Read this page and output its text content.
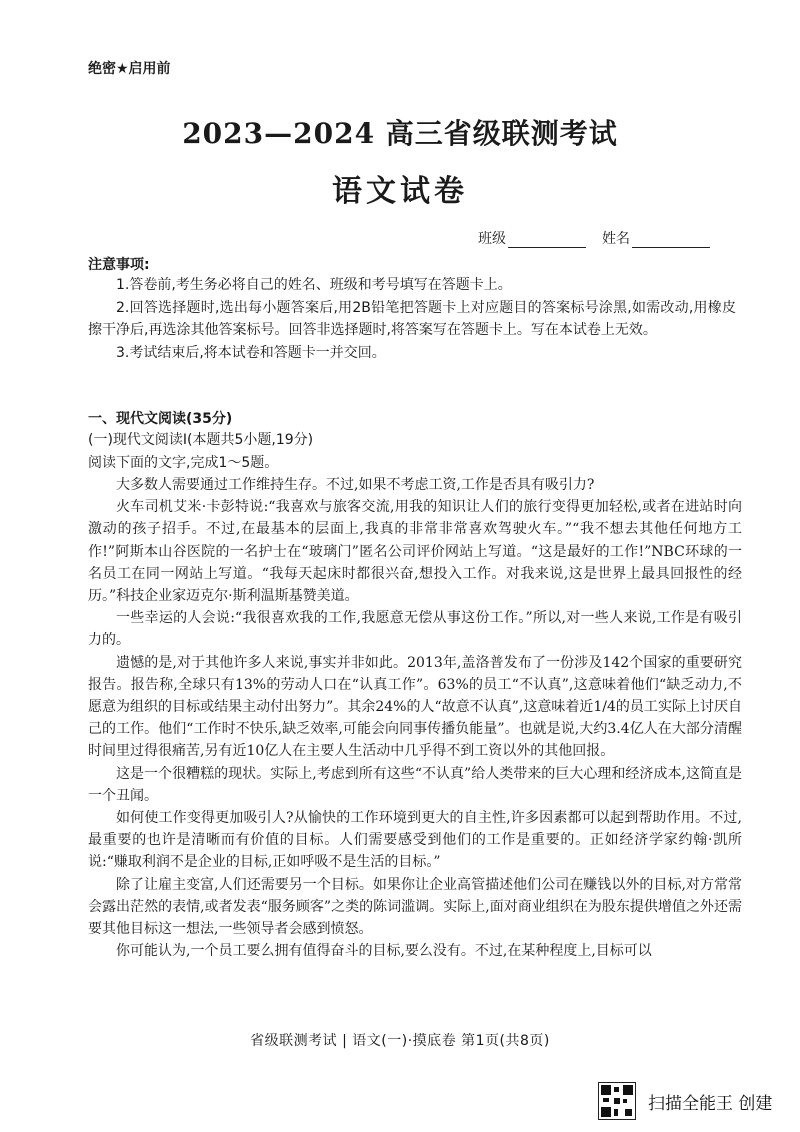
绝密★启用前
2023—2024 高三省级联测考试
语文试卷
班级	姓名
注意事项:

1.答卷前,考生务必将自己的姓名、班级和考号填写在答题卡上。

2.回答选择题时,选出每小题答案后,用2B铅笔把答题卡上对应题目的答案标号涂黑,如需改动,用橡皮擦干净后,再选涂其他答案标号。回答非选择题时,将答案写在答题卡上。写在本试卷上无效。

3.考试结束后,将本试卷和答题卡一并交回。

一、现代文阅读(35分)
(一)现代文阅读Ⅰ(本题共5小题,19分)
阅读下面的文字,完成1～5题。

大多数人需要通过工作维持生存。不过,如果不考虑工资,工作是否具有吸引力?

火车司机艾米·卡彭特说:“我喜欢与旅客交流,用我的知识让人们的旅行变得更加轻松,或者在进站时向激动的孩子招手。不过,在最基本的层面上,我真的非常非常喜欢驾驶火车。”“我不想去其他任何地方工作!”阿斯本山谷医院的一名护士在“玻璃门”匿名公司评价网站上写道。“这是最好的工作!”NBC环球的一名员工在同一网站上写道。“我每天起床时都很兴奋,想投入工作。对我来说,这是世界上最具回报性的经历。”科技企业家迈克尔·斯利温斯基赞美道。

一些幸运的人会说:“我很喜欢我的工作,我愿意无偿从事这份工作。”所以,对一些人来说,工作是有吸引力的。

遗憾的是,对于其他许多人来说,事实并非如此。2013年,盖洛普发布了一份涉及142个国家的重要研究报告。报告称,全球只有13%的劳动人口在“认真工作”。63%的员工“不认真”,这意味着他们“缺乏动力,不愿意为组织的目标或结果主动付出努力”。其余24%的人“故意不认真”,这意味着近1/4的员工实际上讨厌自己的工作。他们“工作时不快乐,缺乏效率,可能会向同事传播负能量”。也就是说,大约3.4亿人在大部分清醒时间里过得很痛苦,另有近10亿人在主要人生活动中几乎得不到工资以外的其他回报。

这是一个很糟糕的现状。实际上,考虑到所有这些“不认真”给人类带来的巨大心理和经济成本,这简直是一个丑闻。

如何使工作变得更加吸引人?从愉快的工作环境到更大的自主性,许多因素都可以起到帮助作用。不过,最重要的也许是清晰而有价值的目标。人们需要感受到他们的工作是重要的。正如经济学家约翰·凯所说:“赚取利润不是企业的目标,正如呼吸不是生活的目标。”

除了让雇主变富,人们还需要另一个目标。如果你让企业高管描述他们公司在赚钱以外的目标,对方常常会露出茫然的表情,或者发表“服务顾客”之类的陈词滥调。实际上,面对商业组织在为股东提供增值之外还需要其他目标这一想法,一些领导者会感到愤怒。

你可能认为,一个员工要么拥有值得奋斗的目标,要么没有。不过,在某种程度上,目标可以

省级联测考试 | 语文(一)·摸底卷 第1页(共8页)
扫描全能王 创建
